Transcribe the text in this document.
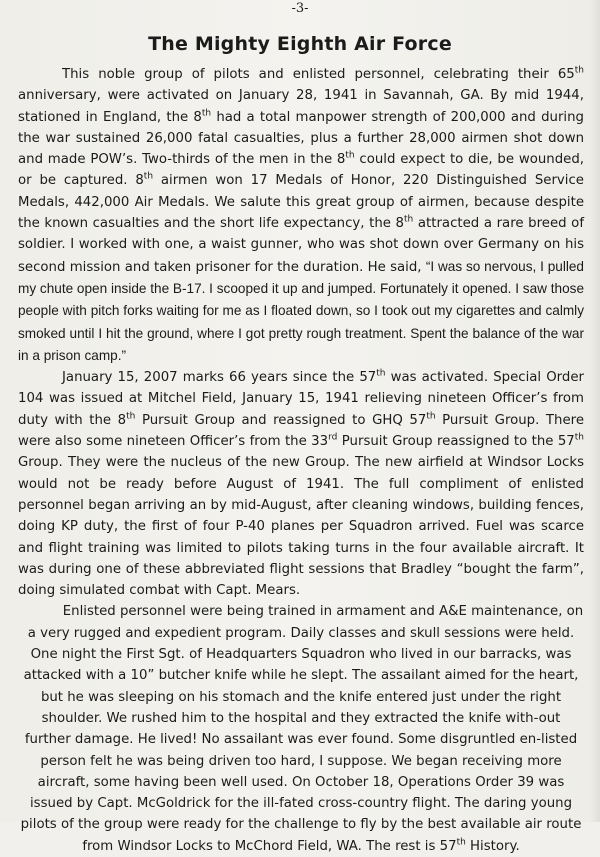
-3-
The Mighty Eighth Air Force

This noble group of pilots and enlisted personnel, celebrating their 65th anniversary, were activated on January 28, 1941 in Savannah, GA. By mid 1944, stationed in England, the 8th had a total manpower strength of 200,000 and during the war sustained 26,000 fatal casualties, plus a further 28,000 airmen shot down and made POW’s. Two-thirds of the men in the 8th could expect to die, be wounded, or be captured. 8th airmen won 17 Medals of Honor, 220 Distinguished Service Medals, 442,000 Air Medals. We salute this great group of airmen, because despite the known casualties and the short life expectancy, the 8th attracted a rare breed of soldier. I worked with one, a waist gunner, who was shot down over Germany on his second mission and taken prisoner for the duration. He said, “I was so nervous, I pulled my chute open inside the B-17. I scooped it up and jumped. Fortunately it opened. I saw those people with pitch forks waiting for me as I floated down, so I took out my cigarettes and calmly smoked until I hit the ground, where I got pretty rough treatment. Spent the balance of the war in a prison camp.”

January 15, 2007 marks 66 years since the 57th was activated. Special Order 104 was issued at Mitchel Field, January 15, 1941 relieving nineteen Officer’s from duty with the 8th Pursuit Group and reassigned to GHQ 57th Pursuit Group. There were also some nineteen Officer’s from the 33rd Pursuit Group reassigned to the 57th Group. They were the nucleus of the new Group. The new airfield at Windsor Locks would not be ready before August of 1941. The full compliment of enlisted personnel began arriving an by mid-August, after cleaning windows, building fences, doing KP duty, the first of four P-40 planes per Squadron arrived. Fuel was scarce and flight training was limited to pilots taking turns in the four available aircraft. It was during one of these abbreviated flight sessions that Bradley “bought the farm”, doing simulated combat with Capt. Mears.

Enlisted personnel were being trained in armament and A&E maintenance, on a very rugged and expedient program. Daily classes and skull sessions were held. One night the First Sgt. of Headquarters Squadron who lived in our barracks, was attacked with a 10” butcher knife while he slept. The assailant aimed for the heart, but he was sleeping on his stomach and the knife entered just under the right shoulder. We rushed him to the hospital and they extracted the knife with-out further damage. He lived! No assailant was ever found. Some disgruntled en-listed person felt he was being driven too hard, I suppose. We began receiving more aircraft, some having been well used. On October 18, Operations Order 39 was issued by Capt. McGoldrick for the ill-fated cross-country flight. The daring young pilots of the group were ready for the challenge to fly by the best available air route from Windsor Locks to McChord Field, WA. The rest is 57th History.
